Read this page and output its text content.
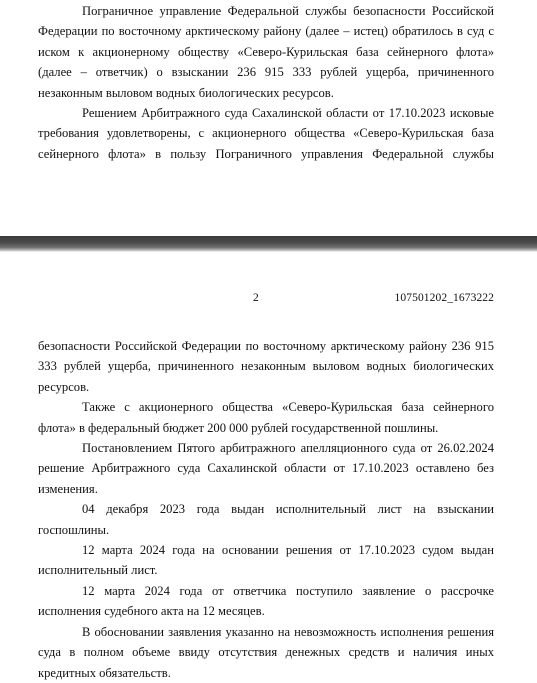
Пограничное управление Федеральной службы безопасности Российской Федерации по восточному арктическому району (далее – истец) обратилось в суд с иском к акционерному обществу «Северо-Курильская база сейнерного флота» (далее – ответчик) о взыскании 236 915 333 рублей ущерба, причиненного незаконным выловом водных биологических ресурсов.

Решением Арбитражного суда Сахалинской области от 17.10.2023 исковые требования удовлетворены, с акционерного общества «Северо-Курильская база сейнерного флота» в пользу Пограничного управления Федеральной службы

2	107501202_1673222

безопасности Российской Федерации по восточному арктическому району 236 915 333 рублей ущерба, причиненного незаконным выловом водных биологических ресурсов.

Также с акционерного общества «Северо-Курильская база сейнерного флота» в федеральный бюджет 200 000 рублей государственной пошлины.

Постановлением Пятого арбитражного апелляционного суда от 26.02.2024 решение Арбитражного суда Сахалинской области от 17.10.2023 оставлено без изменения.

04 декабря 2023 года выдан исполнительный лист на взыскании госпошлины.

12 марта 2024 года на основании решения от 17.10.2023 судом выдан исполнительный лист.

12 марта 2024 года от ответчика поступило заявление о рассрочке исполнения судебного акта на 12 месяцев.

В обосновании заявления указанно на невозможность исполнения решения суда в полном объеме ввиду отсутствия денежных средств и наличия иных кредитных обязательств.
